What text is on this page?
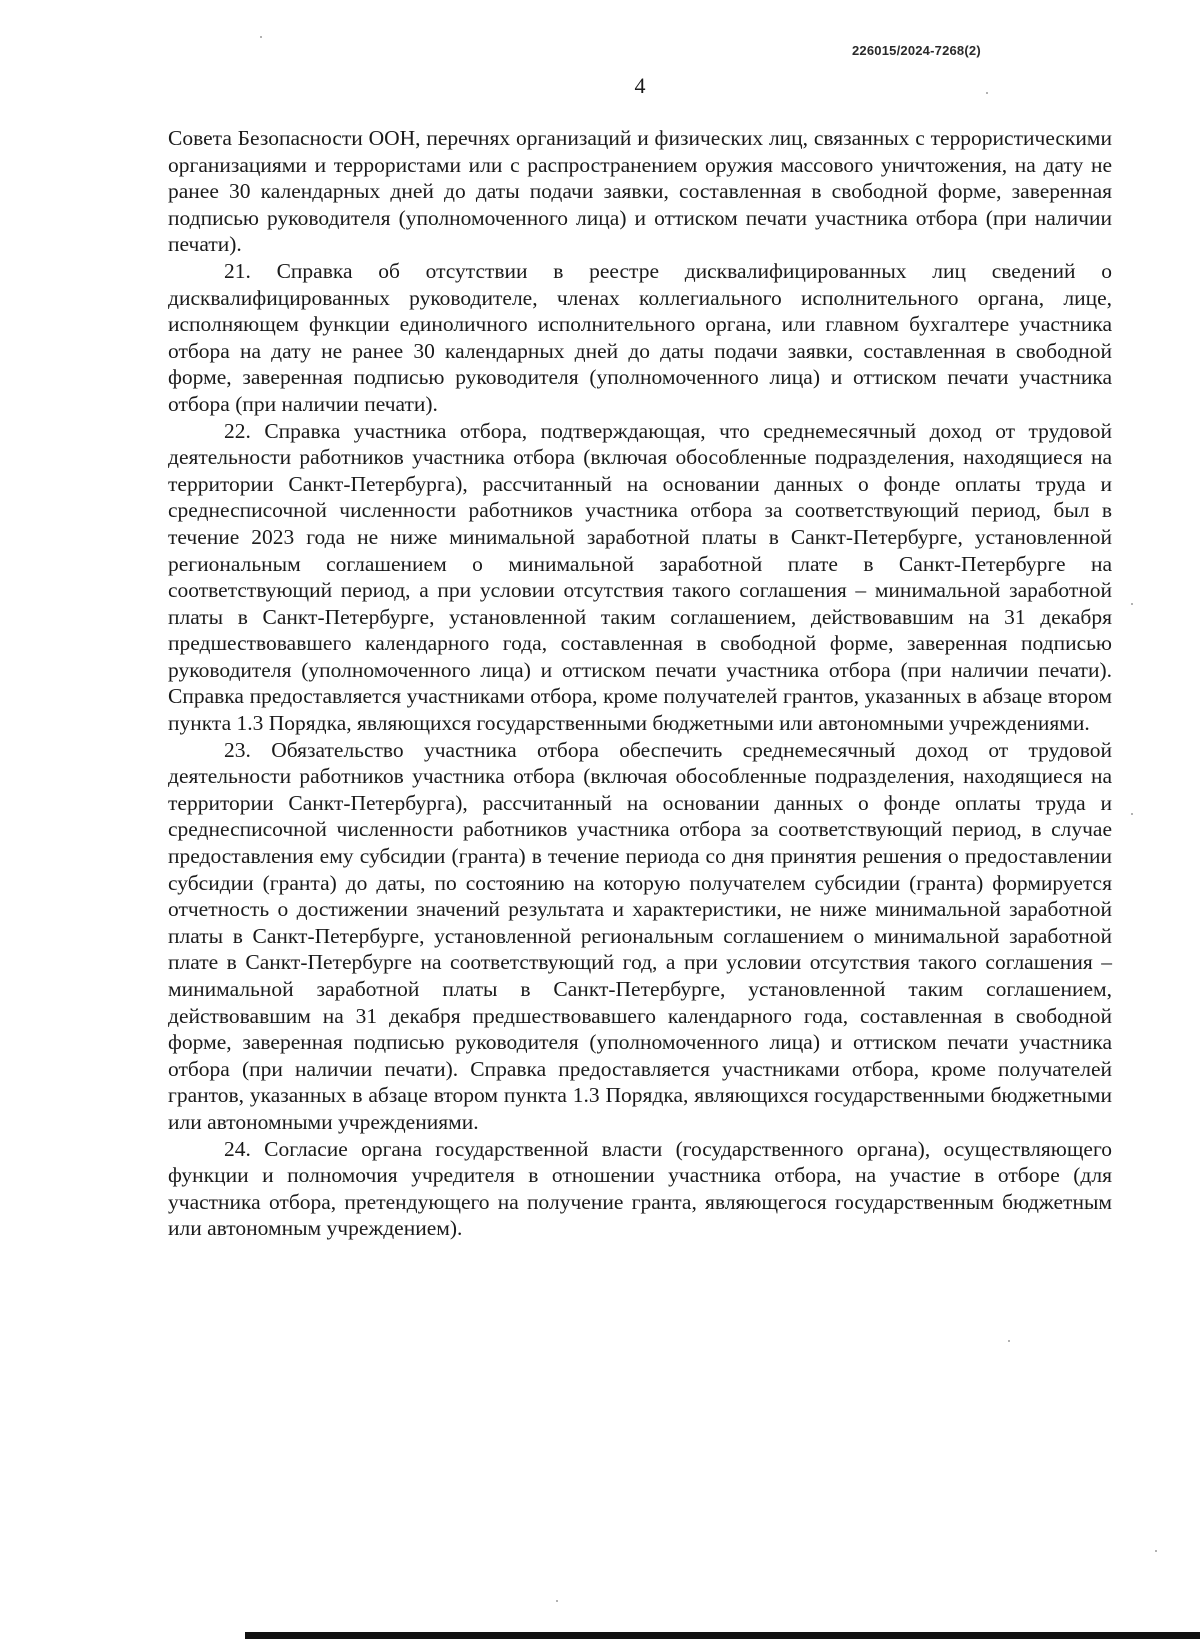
226015/2024-7268(2)
4

Совета Безопасности ООН, перечнях организаций и физических лиц, связанных с террористическими организациями и террористами или с распространением оружия массового уничтожения, на дату не ранее 30 календарных дней до даты подачи заявки, составленная в свободной форме, заверенная подписью руководителя (уполномоченного лица) и оттиском печати участника отбора (при наличии печати).

21. Справка об отсутствии в реестре дисквалифицированных лиц сведений о дисквалифицированных руководителе, членах коллегиального исполнительного органа, лице, исполняющем функции единоличного исполнительного органа, или главном бухгалтере участника отбора на дату не ранее 30 календарных дней до даты подачи заявки, составленная в свободной форме, заверенная подписью руководителя (уполномоченного лица) и оттиском печати участника отбора (при наличии печати).

22. Справка участника отбора, подтверждающая, что среднемесячный доход от трудовой деятельности работников участника отбора (включая обособленные подразделения, находящиеся на территории Санкт-Петербурга), рассчитанный на основании данных о фонде оплаты труда и среднесписочной численности работников участника отбора за соответствующий период, был в течение 2023 года не ниже минимальной заработной платы в Санкт-Петербурге, установленной региональным соглашением о минимальной заработной плате в Санкт-Петербурге на соответствующий период, а при условии отсутствия такого соглашения – минимальной заработной платы в Санкт-Петербурге, установленной таким соглашением, действовавшим на 31 декабря предшествовавшего календарного года, составленная в свободной форме, заверенная подписью руководителя (уполномоченного лица) и оттиском печати участника отбора (при наличии печати). Справка предоставляется участниками отбора, кроме получателей грантов, указанных в абзаце втором пункта 1.3 Порядка, являющихся государственными бюджетными или автономными учреждениями.

23. Обязательство участника отбора обеспечить среднемесячный доход от трудовой деятельности работников участника отбора (включая обособленные подразделения, находящиеся на территории Санкт-Петербурга), рассчитанный на основании данных о фонде оплаты труда и среднесписочной численности работников участника отбора за соответствующий период, в случае предоставления ему субсидии (гранта) в течение периода со дня принятия решения о предоставлении субсидии (гранта) до даты, по состоянию на которую получателем субсидии (гранта) формируется отчетность о достижении значений результата и характеристики, не ниже минимальной заработной платы в Санкт-Петербурге, установленной региональным соглашением о минимальной заработной плате в Санкт-Петербурге на соответствующий год, а при условии отсутствия такого соглашения – минимальной заработной платы в Санкт-Петербурге, установленной таким соглашением, действовавшим на 31 декабря предшествовавшего календарного года, составленная в свободной форме, заверенная подписью руководителя (уполномоченного лица) и оттиском печати участника отбора (при наличии печати). Справка предоставляется участниками отбора, кроме получателей грантов, указанных в абзаце втором пункта 1.3 Порядка, являющихся государственными бюджетными или автономными учреждениями.

24. Согласие органа государственной власти (государственного органа), осуществляющего функции и полномочия учредителя в отношении участника отбора, на участие в отборе (для участника отбора, претендующего на получение гранта, являющегося государственным бюджетным или автономным учреждением).
